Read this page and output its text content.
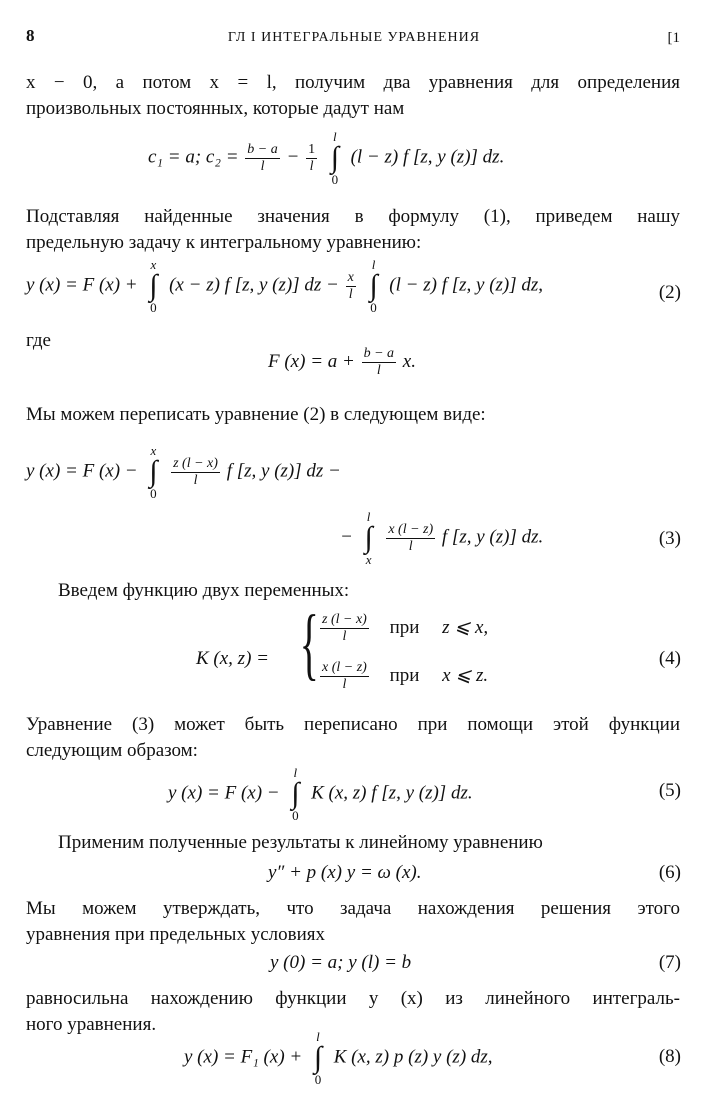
8	ГЛ I ИНТЕГРАЛЬНЫЕ УРАВНЕНИЯ	[1
x − 0, а потом x = l, получим два уравнения для определения
произвольных постоянных, которые дадут нам
c₁ = a; $c_2 = \frac{b - a}{l} - \frac{1}{l}$

l
∫
0
(l − z) f [z, y (z)] dz.
Подставляя найденные значения в формулу (1), приведем нашу
предельную задачу к интегральному уравнению:
y (x) = F (x) +
x
∫
0
(x − z) f [z, y (z)] dz − $\frac{x}{l}$

l
∫
0
(l − z) f [z, y (z)] dz,	(2)
где
F $(x) = a + \frac{b - a}{l} x$.
Мы можем переписать уравнение (2) в следующем виде:
y (x) = F (x) −
x
∫
0

$\frac{z (l - x)}{l}$ f [z, y (z)] dz −
−
l
∫
x

$\frac{x (l - z)}{l}$ f [z, y (z)] dz.	(3)
Введем функцию двух переменных:
K (x, z) = { $\frac{z (l - x)}{l}$ при z ⩽ x,
$\frac{x (l - z)}{l}$ при x ⩽ z.
(4)
Уравнение (3) может быть переписано при помощи этой функции
следующим образом:
y (x) = F (x) −
l
∫
0
K (x, z) f [z, y (z)] dz.	(5)
Применим полученные результаты к линейному уравнению
y″ + p (x) y = ω (x).	(6)
Мы можем утверждать, что задача нахождения решения этого
уравнения при предельных условиях
y (0) = a; y (l) = b	(7)
равносильна нахождению функции y (x) из линейного интеграль-
ного уравнения.
y (x) = F₁ (x) +
l
∫
0
K (x, z) p (z) y (z) dz,	(8)
